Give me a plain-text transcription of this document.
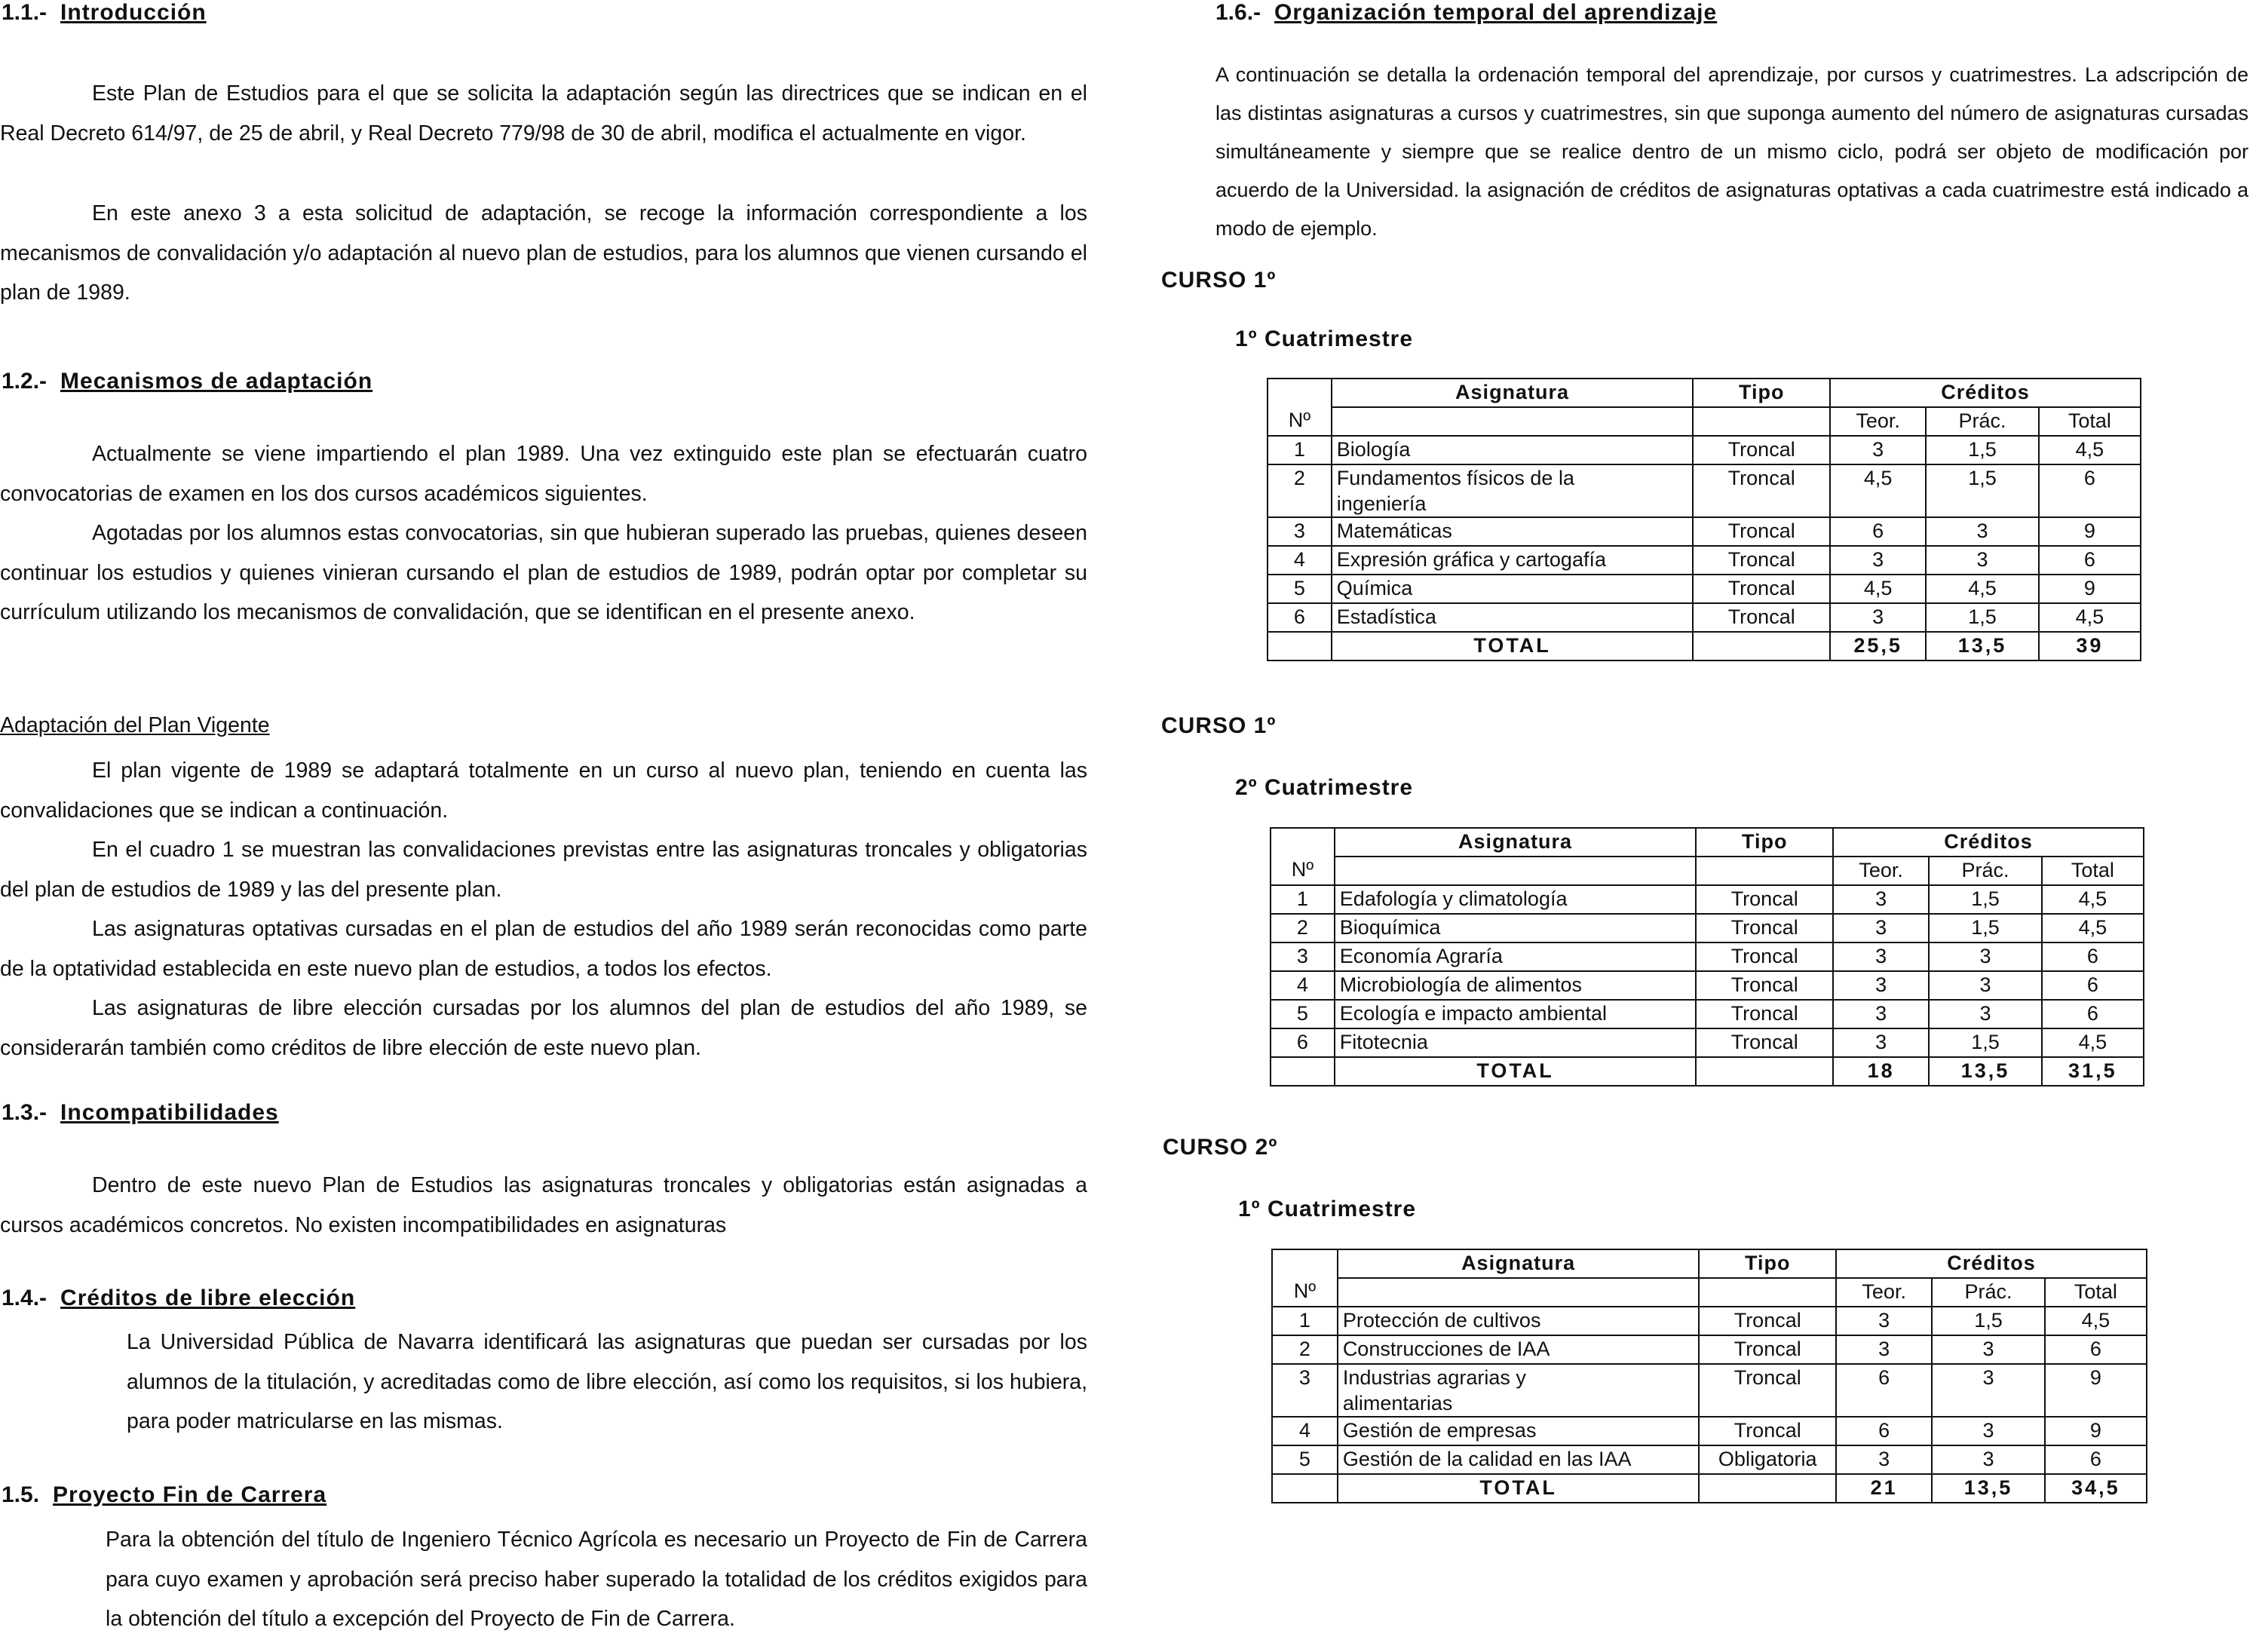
1.1.- Introducción

Este Plan de Estudios para el que se solicita la adaptación según las directrices que se indican en el Real Decreto 614/97, de 25 de abril, y Real Decreto 779/98 de 30 de abril, modifica el actualmente en vigor.

En este anexo 3 a esta solicitud de adaptación, se recoge la información correspondiente a los mecanismos de convalidación y/o adaptación al nuevo plan de estudios, para los alumnos que vienen cursando el plan de 1989.

1.2.- Mecanismos de adaptación

Actualmente se viene impartiendo el plan 1989. Una vez extinguido este plan se efectuarán cuatro convocatorias de examen en los dos cursos académicos siguientes.

Agotadas por los alumnos estas convocatorias, sin que hubieran superado las pruebas, quienes deseen continuar los estudios y quienes vinieran cursando el plan de estudios de 1989, podrán optar por completar su currículum utilizando los mecanismos de convalidación, que se identifican en el presente anexo.

Adaptación del Plan Vigente

El plan vigente de 1989 se adaptará totalmente en un curso al nuevo plan, teniendo en cuenta las convalidaciones que se indican a continuación.

En el cuadro 1 se muestran las convalidaciones previstas entre las asignaturas troncales y obligatorias del plan de estudios de 1989 y las del presente plan.

Las asignaturas optativas cursadas en el plan de estudios del año 1989 serán reconocidas como parte de la optatividad establecida en este nuevo plan de estudios, a todos los efectos.

Las asignaturas de libre elección cursadas por los alumnos del plan de estudios del año 1989, se considerarán también como créditos de libre elección de este nuevo plan.

1.3.- Incompatibilidades

Dentro de este nuevo Plan de Estudios las asignaturas troncales y obligatorias están asignadas a cursos académicos concretos. No existen incompatibilidades en asignaturas

1.4.- Créditos de libre elección

La Universidad Pública de Navarra identificará las asignaturas que puedan ser cursadas por los alumnos de la titulación, y acreditadas como de libre elección, así como los requisitos, si los hubiera, para poder matricularse en las mismas.

1.5. Proyecto Fin de Carrera

Para la obtención del título de Ingeniero Técnico Agrícola es necesario un Proyecto de Fin de Carrera para cuyo examen y aprobación será preciso haber superado la totalidad de los créditos exigidos para la obtención del título a excepción del Proyecto de Fin de Carrera.

1.6.- Organización temporal del aprendizaje

A continuación se detalla la ordenación temporal del aprendizaje, por cursos y cuatrimestres. La adscripción de las distintas asignaturas a cursos y cuatrimestres, sin que suponga aumento del número de asignaturas cursadas simultáneamente y siempre que se realice dentro de un mismo ciclo, podrá ser objeto de modificación por acuerdo de la Universidad. la asignación de créditos de asignaturas optativas a cada cuatrimestre está indicado a modo de ejemplo.

CURSO 1º
1º Cuatrimestre
	Asignatura	Tipo	Créditos		
Nº			Teor.	Prác.	Total
1	Biología	Troncal	3	1,5	4,5
2	Fundamentos físicos de la
ingeniería	Troncal	4,5	1,5	6
3	Matemáticas	Troncal	6	3	9
4	Expresión gráfica y cartogafía	Troncal	3	3	6
5	Química	Troncal	4,5	4,5	9
6	Estadística	Troncal	3	1,5	4,5
	TOTAL		25,5	13,5	39
CURSO 1º
2º Cuatrimestre
	Asignatura	Tipo	Créditos		
Nº			Teor.	Prác.	Total
1	Edafología y climatología	Troncal	3	1,5	4,5
2	Bioquímica	Troncal	3	1,5	4,5
3	Economía Agraría	Troncal	3	3	6
4	Microbiología de alimentos	Troncal	3	3	6
5	Ecología e impacto ambiental	Troncal	3	3	6
6	Fitotecnia	Troncal	3	1,5	4,5
	TOTAL		18	13,5	31,5
CURSO 2º
1º Cuatrimestre
	Asignatura	Tipo	Créditos		
Nº			Teor.	Prác.	Total
1	Protección de cultivos	Troncal	3	1,5	4,5
2	Construcciones de IAA	Troncal	3	3	6
3	Industrias agrarias y
alimentarias	Troncal	6	3	9
4	Gestión de empresas	Troncal	6	3	9
5	Gestión de la calidad en las IAA	Obligatoria	3	3	6
	TOTAL		21	13,5	34,5
